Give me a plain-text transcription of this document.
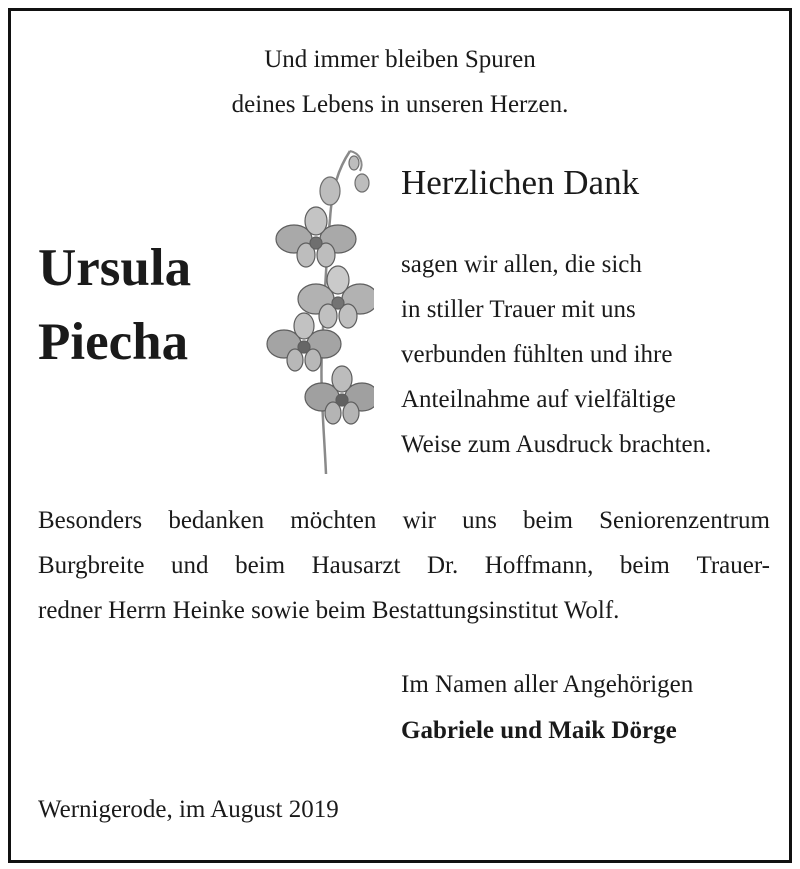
Und immer bleiben Spuren
deines Lebens in unseren Herzen.
Ursula
Piecha
Herzlichen Dank
sagen wir allen, die sich
in stiller Trauer mit uns
verbunden fühlten und ihre
Anteilnahme auf vielfältige
Weise zum Ausdruck brachten.
Besonders bedanken möchten wir uns beim Seniorenzentrum
Burgbreite und beim Hausarzt Dr. Hoffmann, beim Trauer-
redner Herrn Heinke sowie beim Bestattungsinstitut Wolf.
Im Namen aller Angehörigen
Gabriele und Maik Dörge
Wernigerode, im August 2019
